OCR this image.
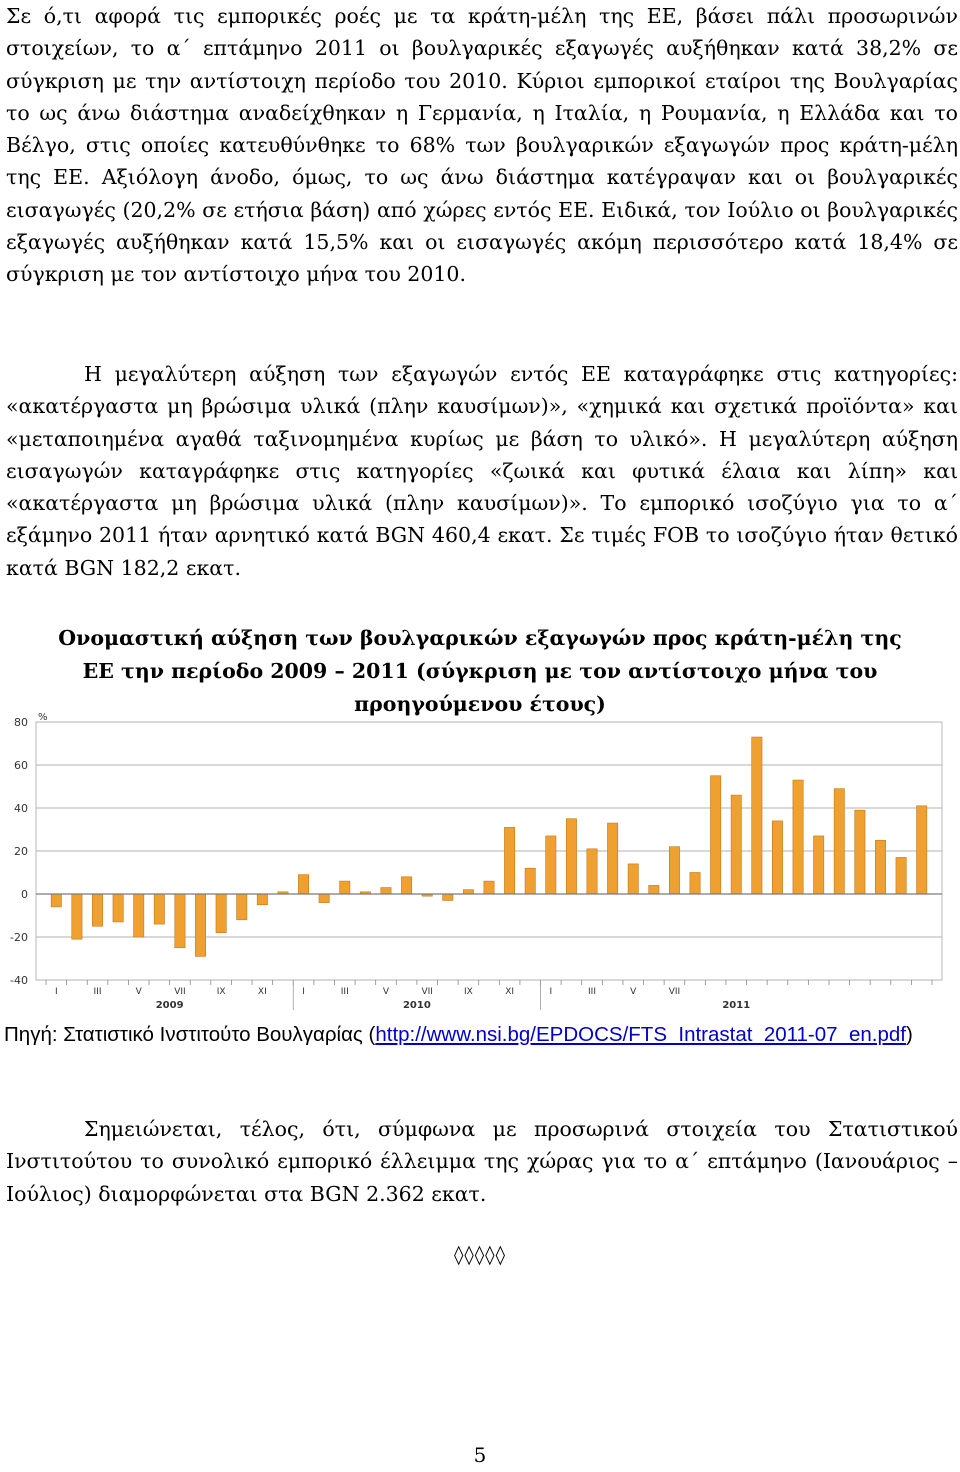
Σε ό,τι αφορά τις εμπορικές ροές με τα κράτη-μέλη της ΕΕ, βάσει πάλι προσωρινών στοιχείων, το α΄ επτάμηνο 2011 οι βουλγαρικές εξαγωγές αυξήθηκαν κατά 38,2% σε σύγκριση με την αντίστοιχη περίοδο του 2010. Κύριοι εμπορικοί εταίροι της Βουλγαρίας το ως άνω διάστημα αναδείχθηκαν η Γερμανία, η Ιταλία, η Ρουμανία, η Ελλάδα και το Βέλγο, στις οποίες κατευθύνθηκε το 68% των βουλγαρικών εξαγωγών προς κράτη-μέλη της ΕΕ. Αξιόλογη άνοδο, όμως, το ως άνω διάστημα κατέγραψαν και οι βουλγαρικές εισαγωγές (20,2% σε ετήσια βάση) από χώρες εντός ΕΕ. Ειδικά, τον Ιούλιο οι βουλγαρικές εξαγωγές αυξήθηκαν κατά 15,5% και οι εισαγωγές ακόμη περισσότερο κατά 18,4% σε σύγκριση με τον αντίστοιχο μήνα του 2010.

Η μεγαλύτερη αύξηση των εξαγωγών εντός ΕΕ καταγράφηκε στις κατηγορίες: «ακατέργαστα μη βρώσιμα υλικά (πλην καυσίμων)», «χημικά και σχετικά προϊόντα» και «μεταποιημένα αγαθά ταξινομημένα κυρίως με βάση το υλικό». Η μεγαλύτερη αύξηση εισαγωγών καταγράφηκε στις κατηγορίες «ζωικά και φυτικά έλαια και λίπη» και «ακατέργαστα μη βρώσιμα υλικά (πλην καυσίμων)». Το εμπορικό ισοζύγιο για το α΄ εξάμηνο 2011 ήταν αρνητικό κατά BGN 460,4 εκατ. Σε τιμές FOB το ισοζύγιο ήταν θετικό κατά BGN 182,2 εκατ.

Ονομαστική αύξηση των βουλγαρικών εξαγωγών προς κράτη-μέλη της
ΕΕ την περίοδο 2009 – 2011 (σύγκριση με τον αντίστοιχο μήνα του
προηγούμενου έτους)
-40
-20
0
20
40
60
80 %
I	III	V	VII	IX	XI	I	III	V	VII	IX	XI	I	III	V	VII
2009	2010	2011
Πηγή: Στατιστικό Ινστιτούτο Βουλγαρίας (http://www.nsi.bg/EPDOCS/FTS_Intrastat_2011-07_en.pdf)

Σημειώνεται, τέλος, ότι, σύμφωνα με προσωρινά στοιχεία του Στατιστικού Ινστιτούτου το συνολικό εμπορικό έλλειμμα της χώρας για το α΄ επτάμηνο (Ιανουάριος – Ιούλιος) διαμορφώνεται στα BGN 2.362 εκατ.

◊◊◊◊◊
5
